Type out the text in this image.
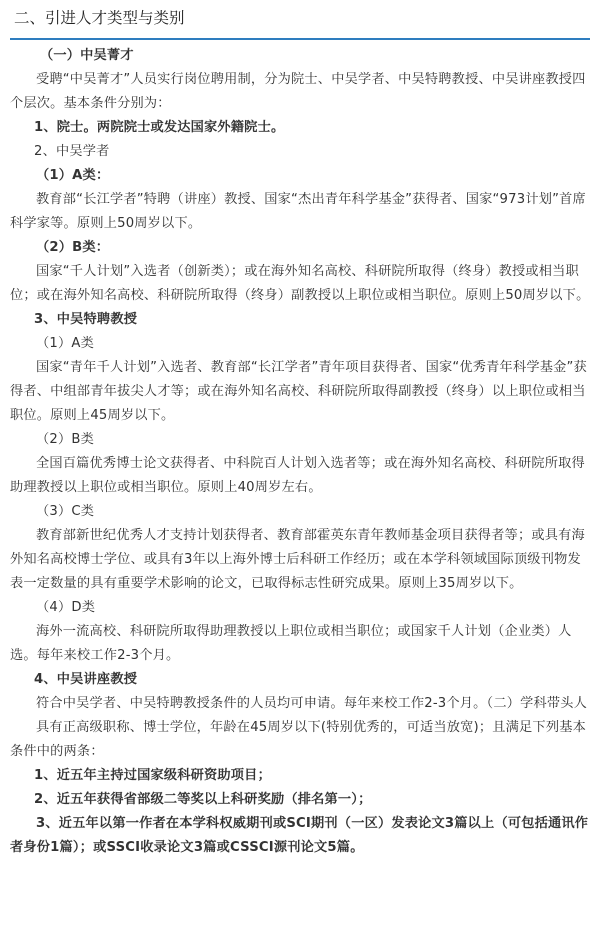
二、引进人才类型与类别

（一）中吴菁才

受聘“中吴菁才”人员实行岗位聘用制，分为院士、中吴学者、中吴特聘教授、中吴讲座教授四个层次。基本条件分别为：

1、院士。两院院士或发达国家外籍院士。

2、中吴学者

（1）A类：

教育部“长江学者”特聘（讲座）教授、国家“杰出青年科学基金”获得者、国家“973计划”首席科学家等。原则上50周岁以下。

（2）B类：

国家“千人计划”入选者（创新类）；或在海外知名高校、科研院所取得（终身）教授或相当职位；或在海外知名高校、科研院所取得（终身）副教授以上职位或相当职位。原则上50周岁以下。

3、中吴特聘教授

（1）A类

国家“青年千人计划”入选者、教育部“长江学者”青年项目获得者、国家“优秀青年科学基金”获得者、中组部青年拔尖人才等；或在海外知名高校、科研院所取得副教授（终身）以上职位或相当职位。原则上45周岁以下。

（2）B类

全国百篇优秀博士论文获得者、中科院百人计划入选者等；或在海外知名高校、科研院所取得助理教授以上职位或相当职位。原则上40周岁左右。

（3）C类

教育部新世纪优秀人才支持计划获得者、教育部霍英东青年教师基金项目获得者等；或具有海外知名高校博士学位、或具有3年以上海外博士后科研工作经历；或在本学科领域国际顶级刊物发表一定数量的具有重要学术影响的论文，已取得标志性研究成果。原则上35周岁以下。

（4）D类

海外一流高校、科研院所取得助理教授以上职位或相当职位；或国家千人计划（企业类）人选。每年来校工作2-3个月。

4、中吴讲座教授

符合中吴学者、中吴特聘教授条件的人员均可申请。每年来校工作2-3个月。（二）学科带头人

具有正高级职称、博士学位，年龄在45周岁以下(特别优秀的，可适当放宽)；且满足下列基本条件中的两条：

1、近五年主持过国家级科研资助项目；

2、近五年获得省部级二等奖以上科研奖励（排名第一）；

3、近五年以第一作者在本学科权威期刊或SCI期刊（一区）发表论文3篇以上（可包括通讯作者身份1篇）；或SSCI收录论文3篇或CSSCI源刊论文5篇。
